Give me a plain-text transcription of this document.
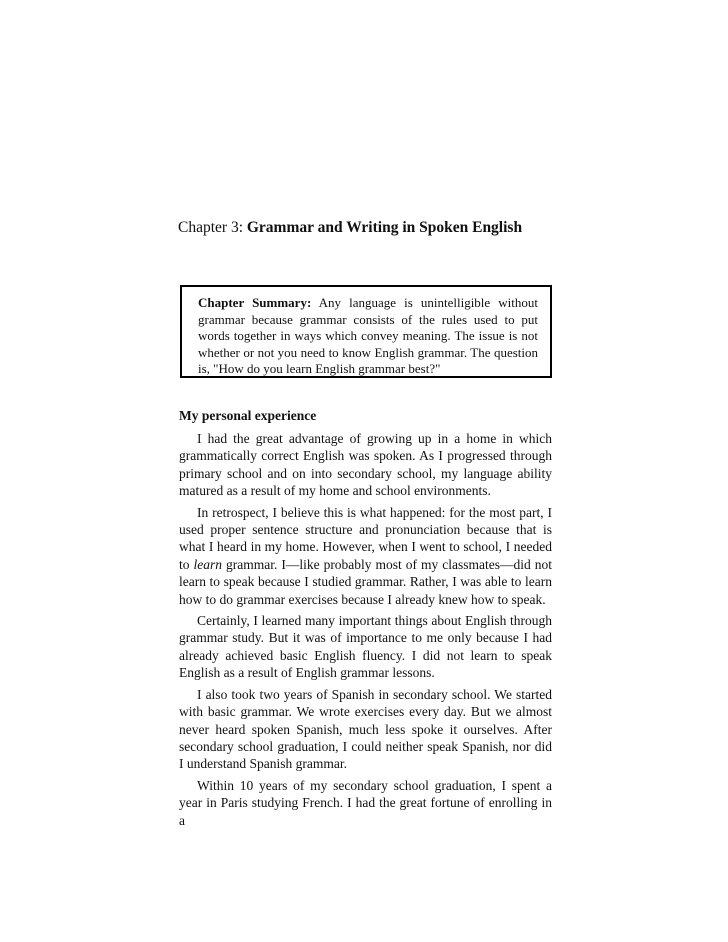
Chapter 3: Grammar and Writing in Spoken English
Chapter Summary: Any language is unintelligible without grammar because grammar consists of the rules used to put words together in ways which convey meaning. The issue is not whether or not you need to know English grammar. The question is, "How do you learn English grammar best?"
My personal experience

I had the great advantage of growing up in a home in which grammatically correct English was spoken. As I progressed through primary school and on into secondary school, my language ability matured as a result of my home and school environments.

In retrospect, I believe this is what happened: for the most part, I used proper sentence structure and pronunciation because that is what I heard in my home. However, when I went to school, I needed to learn grammar. I—like probably most of my classmates—did not learn to speak because I studied grammar. Rather, I was able to learn how to do grammar exercises because I already knew how to speak.

Certainly, I learned many important things about English through grammar study. But it was of importance to me only because I had already achieved basic English fluency. I did not learn to speak English as a result of English grammar lessons.

I also took two years of Spanish in secondary school. We started with basic grammar. We wrote exercises every day. But we almost never heard spoken Spanish, much less spoke it ourselves. After secondary school graduation, I could neither speak Spanish, nor did I understand Spanish grammar.

Within 10 years of my secondary school graduation, I spent a year in Paris studying French. I had the great fortune of enrolling in a
